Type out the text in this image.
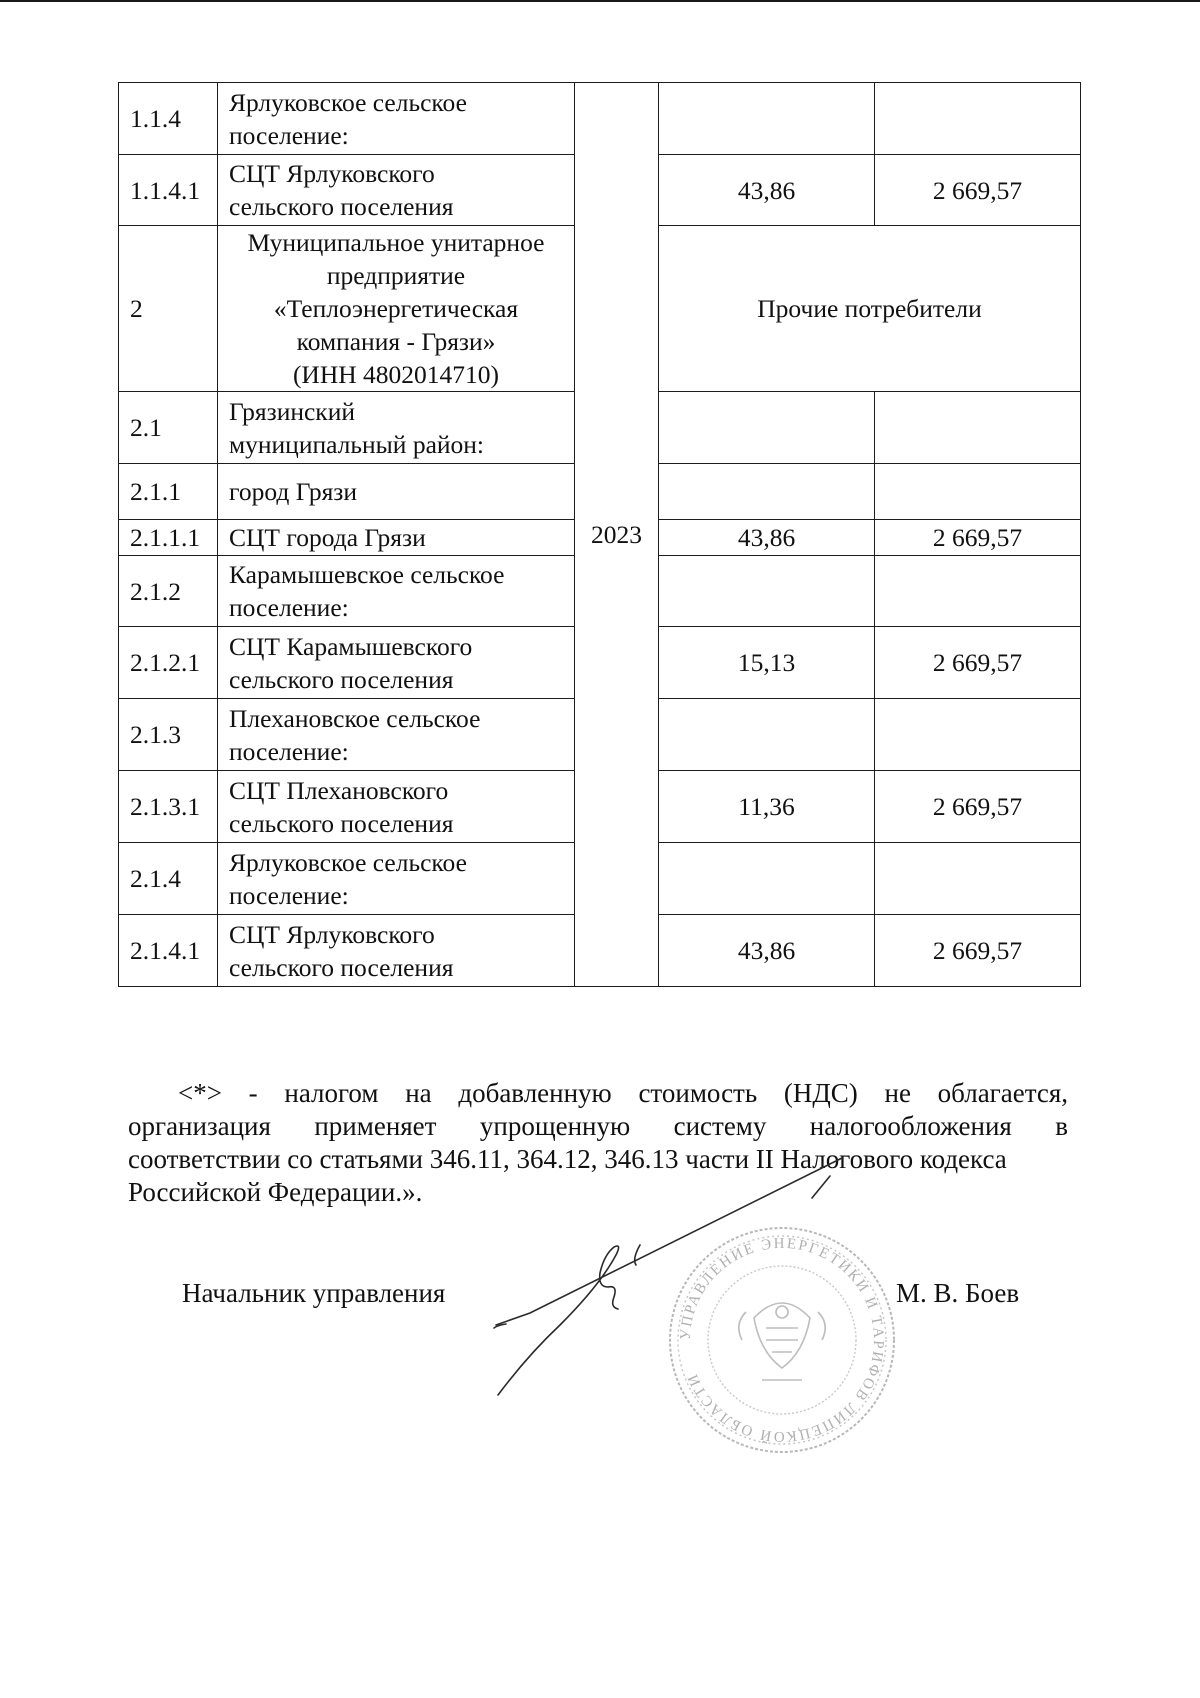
1.1.4	Ярлуковское сельское
поселение:	2023		
1.1.4.1	СЦТ Ярлуковского
сельского поселения		43,86	2 669,57
2	Муниципальное унитарное
предприятие
«Теплоэнергетическая
компания - Грязи»
(ИНН 4802014710)		Прочие потребители	
2.1	Грязинский
муниципальный район:			

2.1.1	город Грязи			

2.1.1.1	СЦТ города Грязи		43,86	2 669,57
2.1.2	Карамышевское сельское
поселение:			

2.1.2.1	СЦТ Карамышевского
сельского поселения		15,13	2 669,57
2.1.3	Плехановское сельское
поселение:			

2.1.3.1	СЦТ Плехановского
сельского поселения		11,36	2 669,57
2.1.4	Ярлуковское сельское
поселение:			

2.1.4.1	СЦТ Ярлуковского
сельского поселения		43,86	2 669,57

<*> - налогом на добавленную стоимость (НДС) не облагается,
организация применяет упрощенную систему налогообложения в
соответствии со статьями 346.11, 364.12, 346.13 части II Налогового кодекса
Российской Федерации.».

Начальник управления

УПРАВЛЕНИЕ ЭНЕРГЕТИКИ И ТАРИФОВ ЛИПЕЦКОЙ ОБЛАСТИ

М. В. Боев
